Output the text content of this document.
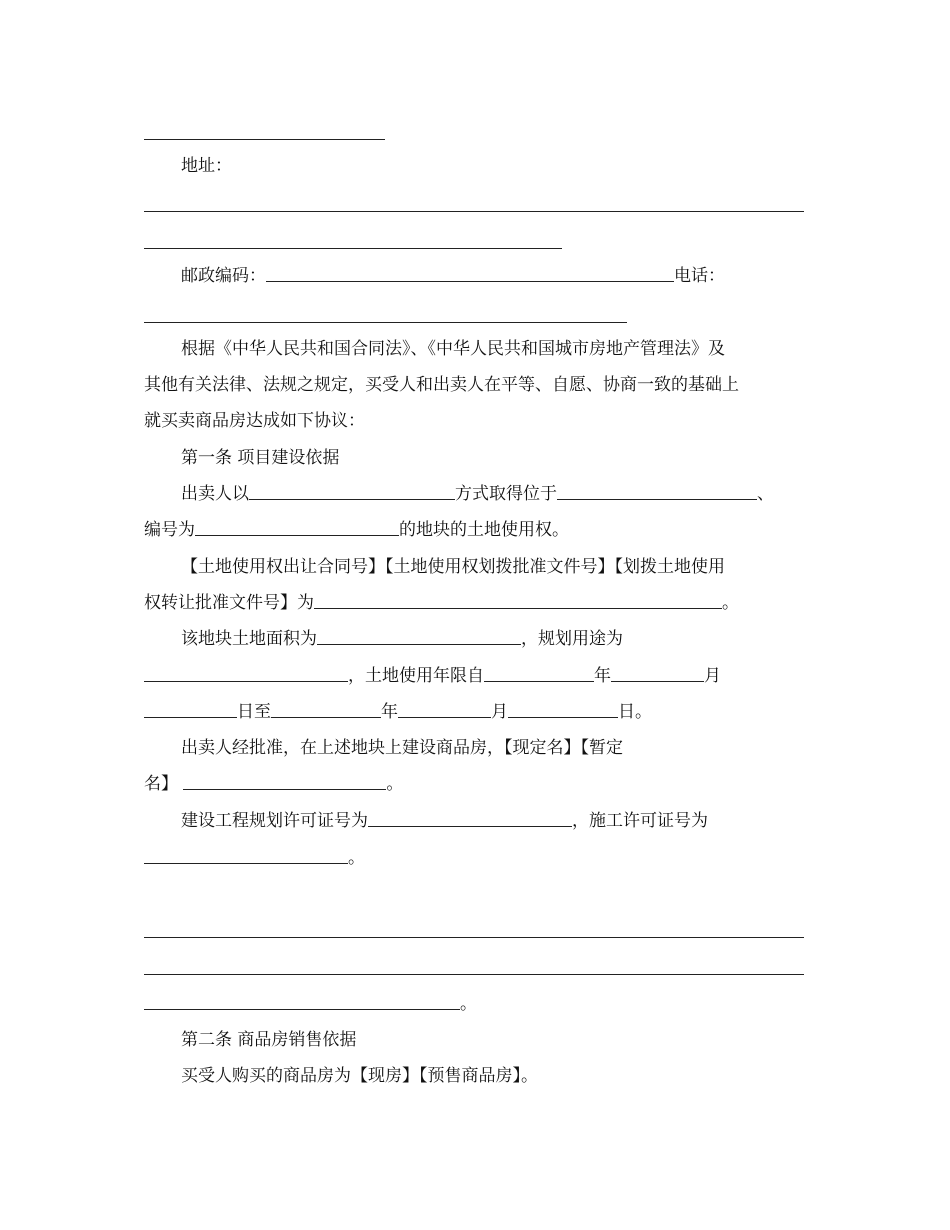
地址：
邮政编码：	电话：
根据《中华人民共和国合同法》、《中华人民共和国城市房地产管理法》及
其他有关法律、法规之规定，买受人和出卖人在平等、自愿、协商一致的基础上
就买卖商品房达成如下协议：
第一条 项目建设依据
出卖人以	方式取得位于	、
编号为	的地块的土地使用权。
【土地使用权出让合同号】【土地使用权划拨批准文件号】【划拨土地使用
权转让批准文件号】为	。
该地块土地面积为	，规划用途为
，土地使用年限自	年	月
日至	年	月	日。
出卖人经批准，在上述地块上建设商品房，【现定名】【暂定
名】	。
建设工程规划许可证号为	，施工许可证号为
。
。
第二条 商品房销售依据
买受人购买的商品房为【现房】【预售商品房】。
